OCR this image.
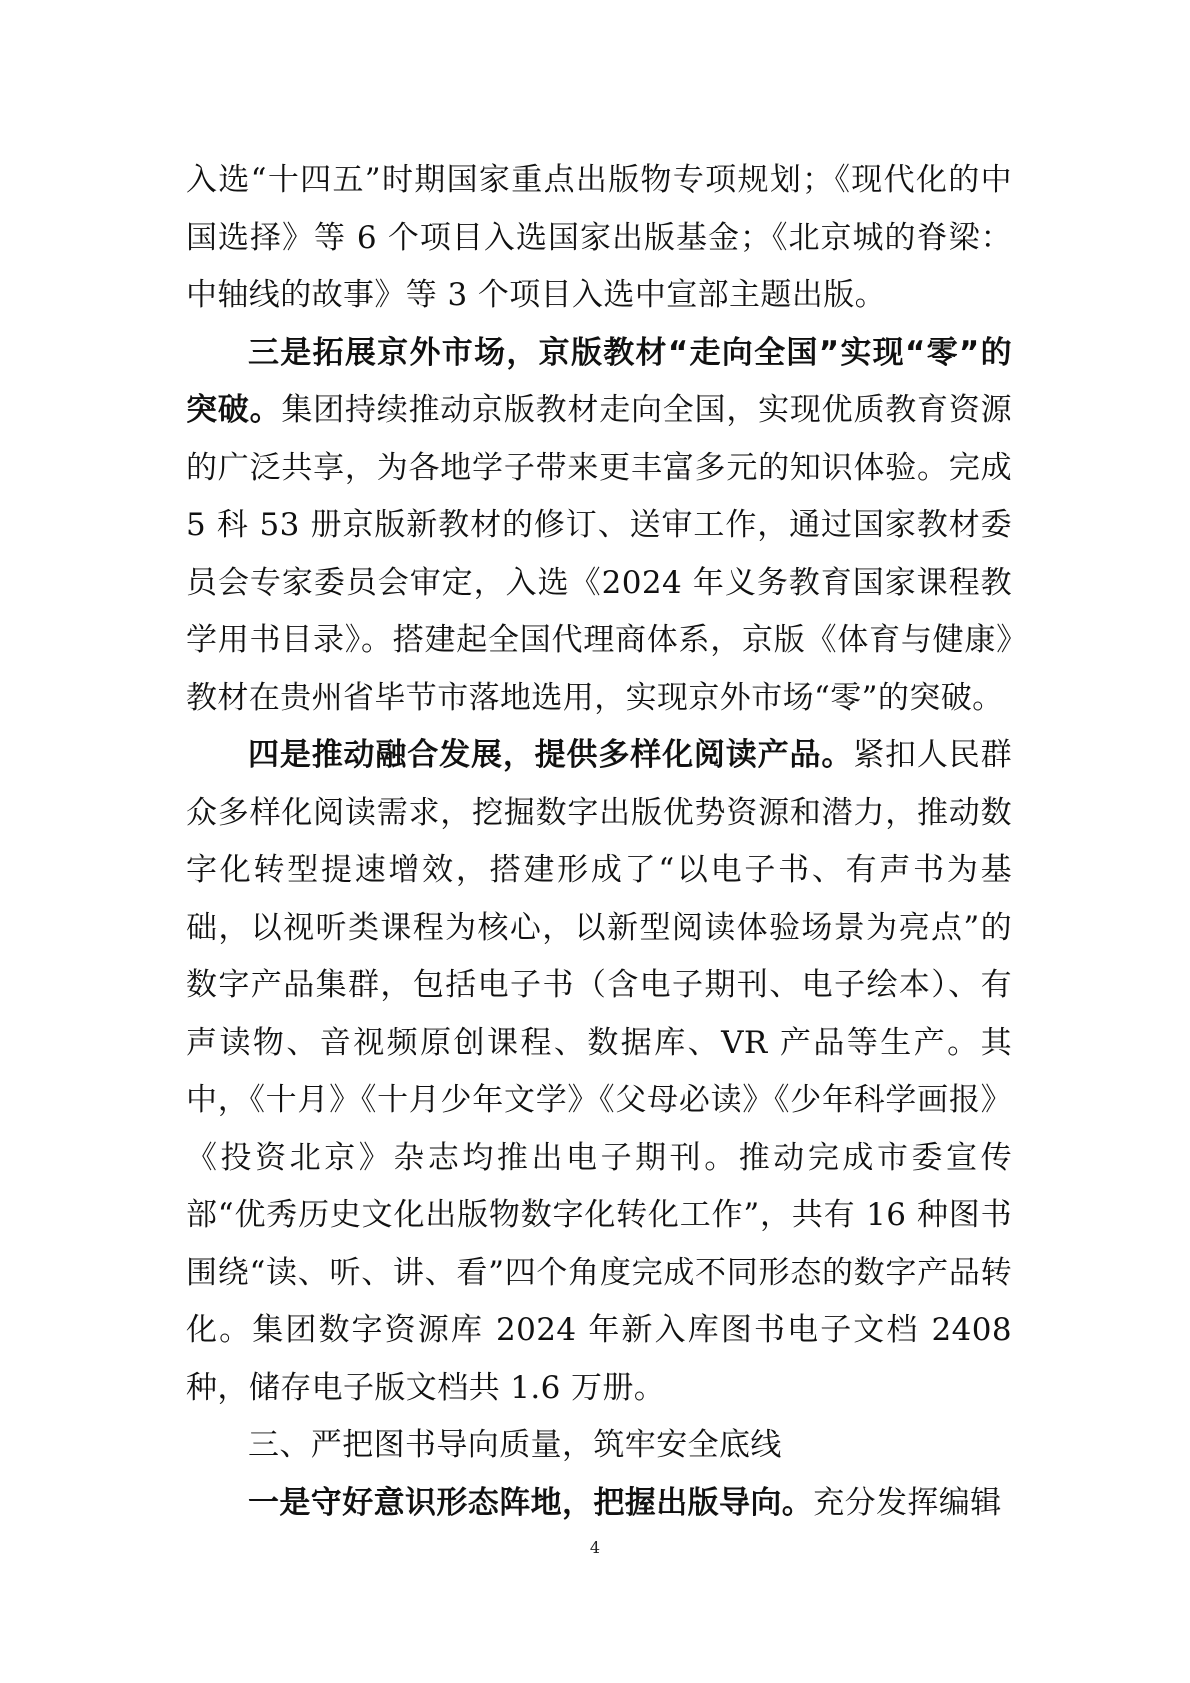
入选“十四五”时期国家重点出版物专项规划；《现代化的中国选择》等 6 个项目入选国家出版基金；《北京城的脊梁：中轴线的故事》等 3 个项目入选中宣部主题出版。

三是拓展京外市场，京版教材“走向全国”实现“零”的突破。集团持续推动京版教材走向全国，实现优质教育资源的广泛共享，为各地学子带来更丰富多元的知识体验。完成 5 科 53 册京版新教材的修订、送审工作，通过国家教材委员会专家委员会审定，入选《2024 年义务教育国家课程教学用书目录》。搭建起全国代理商体系，京版《体育与健康》教材在贵州省毕节市落地选用，实现京外市场“零”的突破。

四是推动融合发展，提供多样化阅读产品。紧扣人民群众多样化阅读需求，挖掘数字出版优势资源和潜力，推动数字化转型提速增效，搭建形成了“以电子书、有声书为基础，以视听类课程为核心，以新型阅读体验场景为亮点”的数字产品集群，包括电子书（含电子期刊、电子绘本）、有声读物、音视频原创课程、数据库、VR 产品等生产。其中，《十月》《十月少年文学》《父母必读》《少年科学画报》《投资北京》杂志均推出电子期刊。推动完成市委宣传部“优秀历史文化出版物数字化转化工作”，共有 16 种图书围绕“读、听、讲、看”四个角度完成不同形态的数字产品转化。集团数字资源库 2024 年新入库图书电子文档 2408 种，储存电子版文档共 1.6 万册。

三、严把图书导向质量，筑牢安全底线

一是守好意识形态阵地，把握出版导向。充分发挥编辑

4
